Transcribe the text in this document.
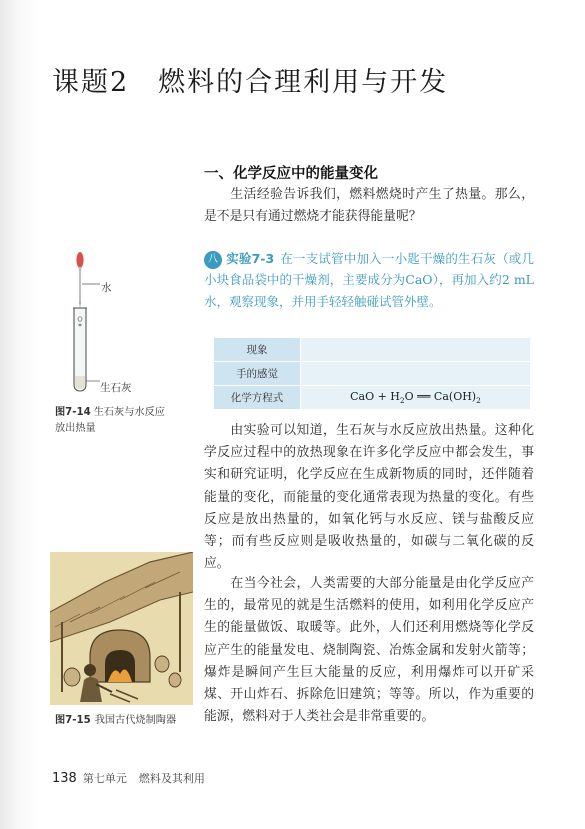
课题2　燃料的合理利用与开发
一、化学反应中的能量变化
生活经验告诉我们，燃料燃烧时产生了热量。那么，是不是只有通过燃烧才能获得能量呢？
八 实验7-3 在一支试管中加入一小匙干燥的生石灰（或几小块食品袋中的干燥剂，主要成分为CaO），再加入约2 mL水，观察现象，并用手轻轻触碰试管外壁。
现象	
手的感觉	
化学方程式	CaO + $H_2O$ ══ $Ca(OH)_2$
水
生石灰
图7-14 生石灰与水反应放出热量	由实验可以知道，生石灰与水反应放出热量。这种化学反应过程中的放热现象在许多化学反应中都会发生，事实和研究证明，化学反应在生成新物质的同时，还伴随着能量的变化，而能量的变化通常表现为热量的变化。有些反应是放出热量的，如氧化钙与水反应、镁与盐酸反应等；而有些反应则是吸收热量的，如碳与二氧化碳的反应。
图7-15 我国古代烧制陶器
在当今社会，人类需要的大部分能量是由化学反应产生的，最常见的就是生活燃料的使用，如利用化学反应产生的能量做饭、取暖等。此外，人们还利用燃烧等化学反应产生的能量发电、烧制陶瓷、冶炼金属和发射火箭等；爆炸是瞬间产生巨大能量的反应，利用爆炸可以开矿采煤、开山炸石、拆除危旧建筑；等等。所以，作为重要的能源，燃料对于人类社会是非常重要的。
138 第七单元 燃料及其利用
